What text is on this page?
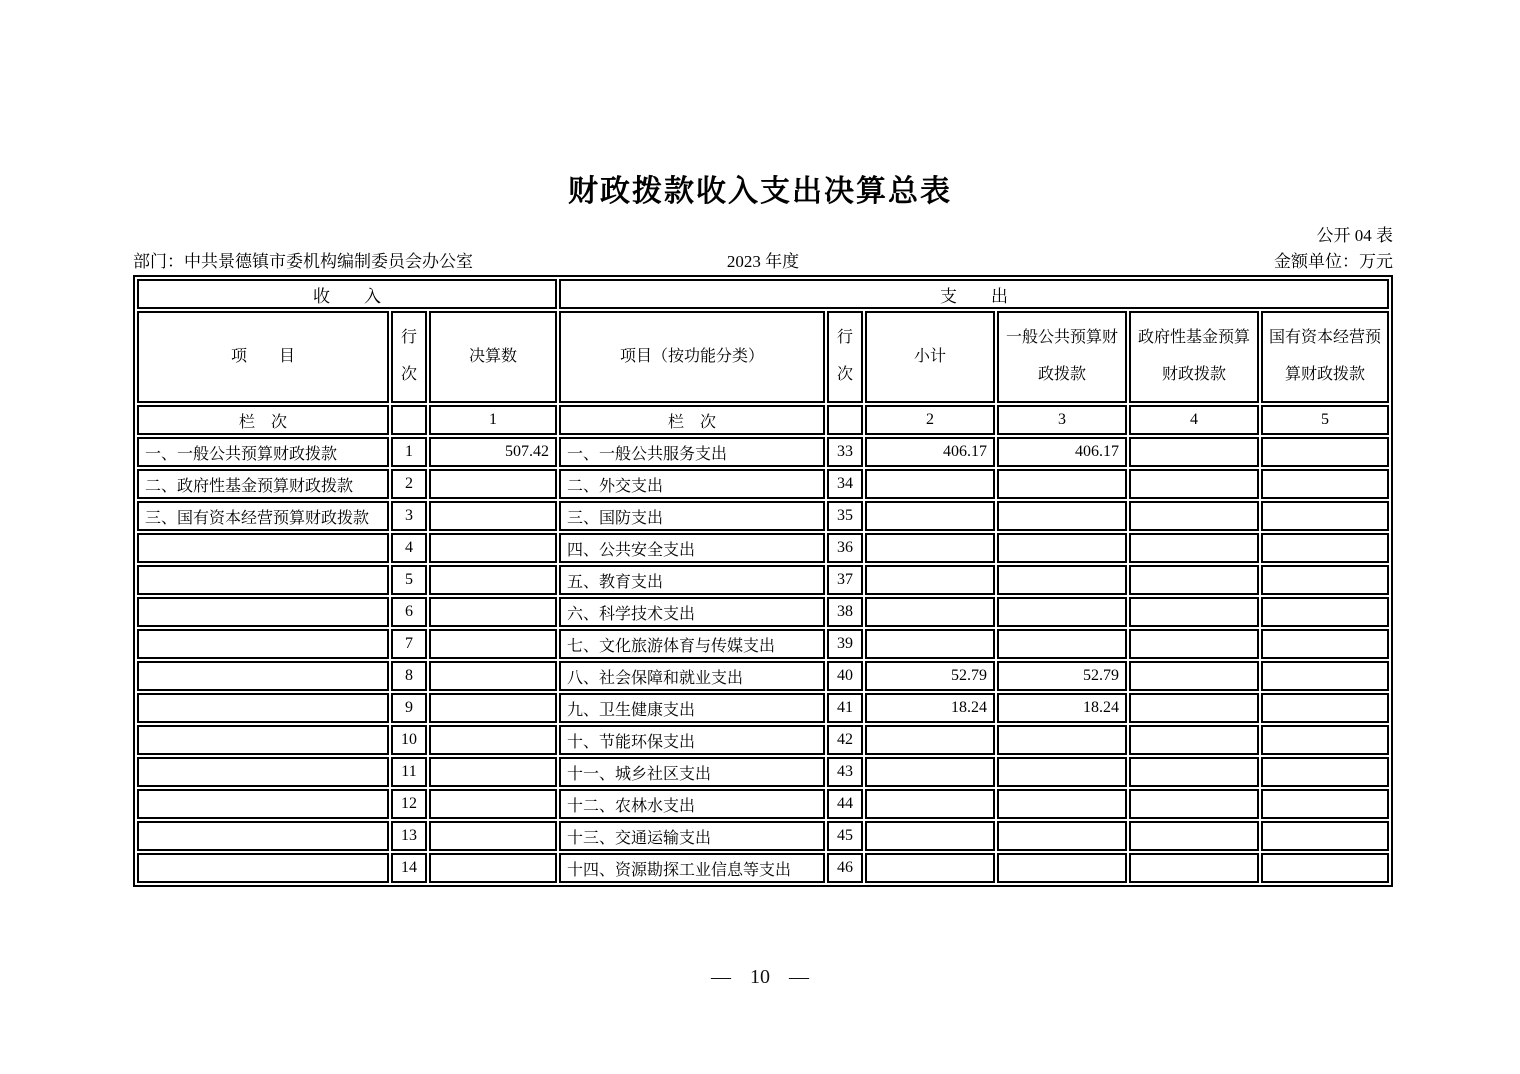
财政拨款收入支出决算总表
公开 04 表
部门：中共景德镇市委机构编制委员会办公室	2023 年度	金额单位：万元
收　　入			支　　出					
项　　目	行次	决算数	项目（按功能分类）	行次	小计	一般公共预算财政拨款	政府性基金预算财政拨款	国有资本经营预算财政拨款
栏　次		1	栏　次		2	3	4	5
一、一般公共预算财政拨款	1	507.42	一、一般公共服务支出	33	406.17	406.17		
二、政府性基金预算财政拨款	2		二、外交支出	34				
三、国有资本经营预算财政拨款	3		三、国防支出	35				
	4		四、公共安全支出	36				
	5		五、教育支出	37				
	6		六、科学技术支出	38				
	7		七、文化旅游体育与传媒支出	39				
	8		八、社会保障和就业支出	40	52.79	52.79		
	9		九、卫生健康支出	41	18.24	18.24		
	10		十、节能环保支出	42				
	11		十一、城乡社区支出	43				
	12		十二、农林水支出	44				
	13		十三、交通运输支出	45				
	14		十四、资源勘探工业信息等支出	46				
— 10 —
